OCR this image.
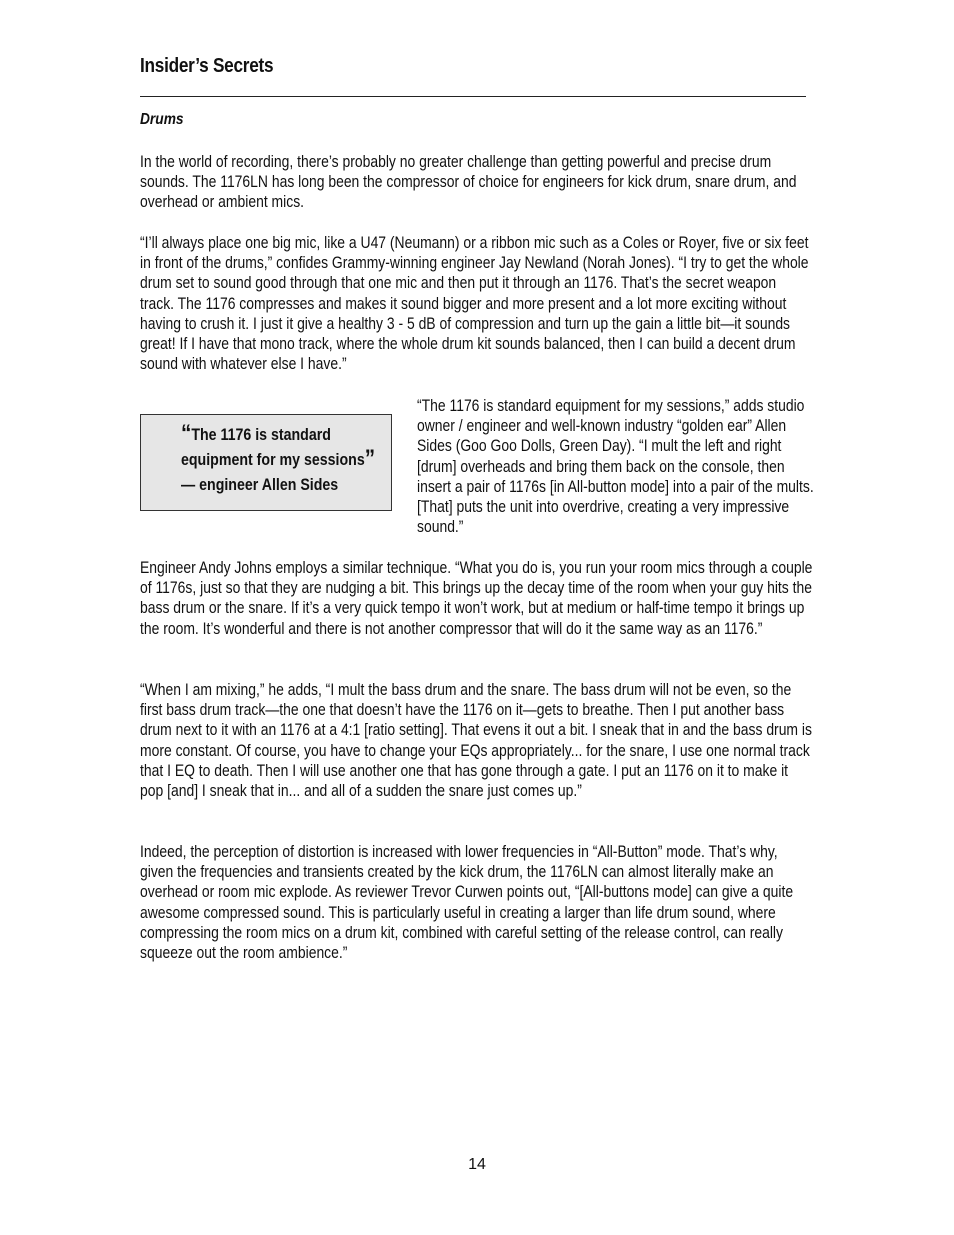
Insider’s Secrets
Drums

In the world of recording, there’s probably no greater challenge than getting powerful and precise drum sounds. The 1176LN has long been the compressor of choice for engineers for kick drum, snare drum, and overhead or ambient mics.

“I’ll always place one big mic, like a U47 (Neumann) or a ribbon mic such as a Coles or Royer, five or six feet in front of the drums,” confides Grammy-winning engineer Jay Newland (Norah Jones). “I try to get the whole drum set to sound good through that one mic and then put it through an 1176. That’s the secret weapon track. The 1176 compresses and makes it sound bigger and more present and a lot more exciting without having to crush it. I just it give a healthy 3 - 5 dB of compression and turn up the gain a little bit—it sounds great! If I have that mono track, where the whole drum kit sounds balanced, then I can build a decent drum sound with whatever else I have.”

“The 1176 is standard
equipment for my sessions”
— engineer Allen Sides

“The 1176 is standard equipment for my sessions,” adds studio owner / engineer and well-known industry “golden ear” Allen Sides (Goo Goo Dolls, Green Day). “I mult the left and right [drum] overheads and bring them back on the console, then insert a pair of 1176s [in All-button mode] into a pair of the mults. [That] puts the unit into overdrive, creating a very impressive sound.”

Engineer Andy Johns employs a similar technique. “What you do is, you run your room mics through a couple of 1176s, just so that they are nudging a bit. This brings up the decay time of the room when your guy hits the bass drum or the snare. If it’s a very quick tempo it won’t work, but at medium or half-time tempo it brings up the room. It’s wonderful and there is not another compressor that will do it the same way as an 1176.”

“When I am mixing,” he adds, “I mult the bass drum and the snare. The bass drum will not be even, so the first bass drum track—the one that doesn’t have the 1176 on it—gets to breathe. Then I put another bass drum next to it with an 1176 at a 4:1 [ratio setting]. That evens it out a bit. I sneak that in and the bass drum is more constant. Of course, you have to change your EQs appropriately... for the snare, I use one normal track that I EQ to death. Then I will use another one that has gone through a gate. I put an 1176 on it to make it pop [and] I sneak that in... and all of a sudden the snare just comes up.”

Indeed, the perception of distortion is increased with lower frequencies in “All-Button” mode. That’s why, given the frequencies and transients created by the kick drum, the 1176LN can almost literally make an overhead or room mic explode. As reviewer Trevor Curwen points out, “[All-buttons mode] can give a quite awesome compressed sound. This is particularly useful in creating a larger than life drum sound, where compressing the room mics on a drum kit, combined with careful setting of the release control, can really squeeze out the room ambience.”

14
